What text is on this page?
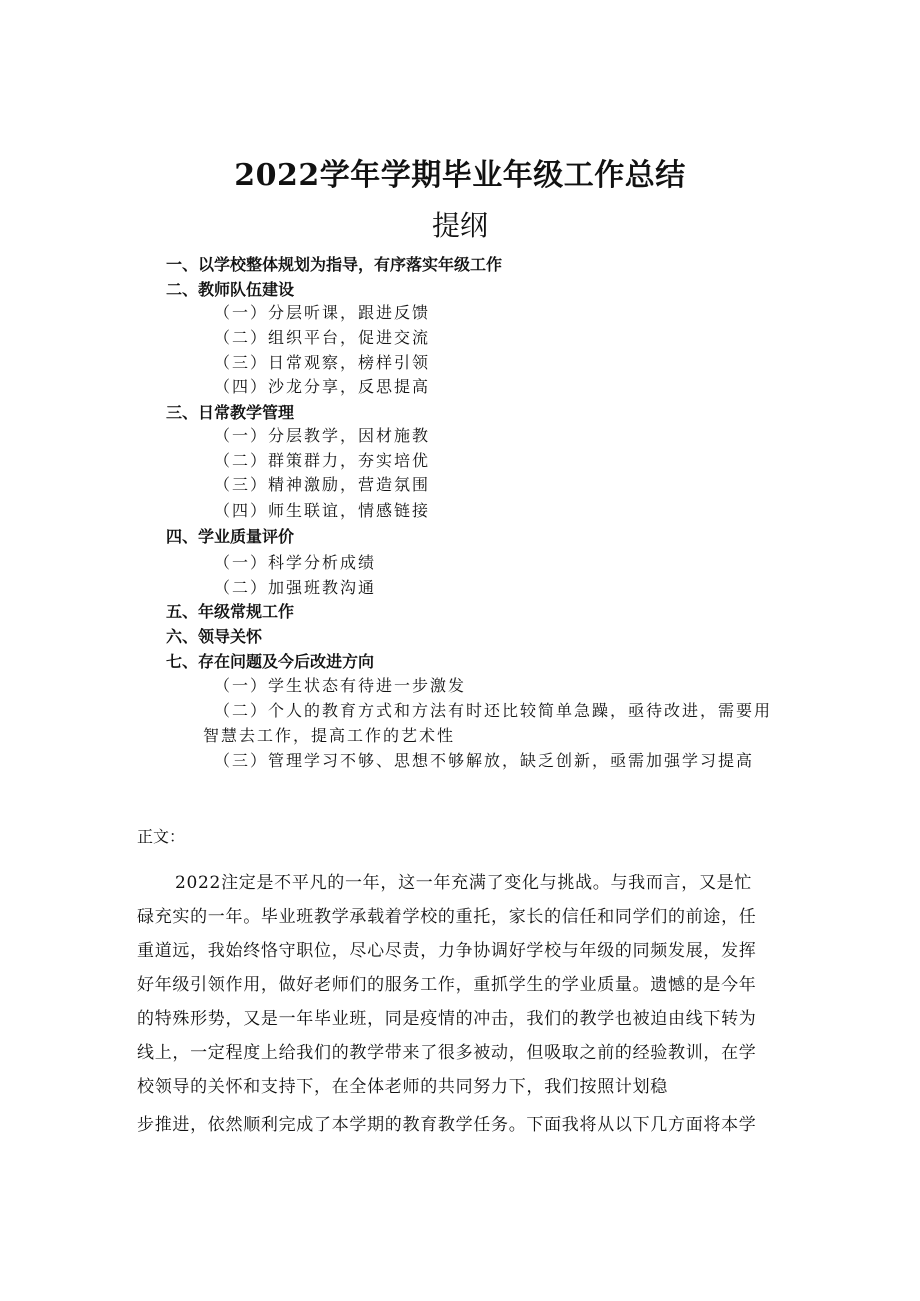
2022学年学期毕业年级工作总结
提纲
一、以学校整体规划为指导，有序落实年级工作
二、教师队伍建设
（一）分层听课，跟进反馈
（二）组织平台，促进交流
（三）日常观察，榜样引领
（四）沙龙分享，反思提高
三、日常教学管理
（一）分层教学，因材施教
（二）群策群力，夯实培优
（三）精神激励，营造氛围
（四）师生联谊，情感链接
四、学业质量评价
（一）科学分析成绩
（二）加强班教沟通
五、年级常规工作
六、领导关怀
七、存在问题及今后改进方向
（一）学生状态有待进一步激发
（二）个人的教育方式和方法有时还比较简单急躁，亟待改进，需要用
智慧去工作，提高工作的艺术性
（三）管理学习不够、思想不够解放，缺乏创新，亟需加强学习提高
正文：
2022注定是不平凡的一年，这一年充满了变化与挑战。与我而言，又是忙
碌充实的一年。毕业班教学承载着学校的重托，家长的信任和同学们的前途，任
重道远，我始终恪守职位，尽心尽责，力争协调好学校与年级的同频发展，发挥
好年级引领作用，做好老师们的服务工作，重抓学生的学业质量。遗憾的是今年
的特殊形势，又是一年毕业班，同是疫情的冲击，我们的教学也被迫由线下转为
线上，一定程度上给我们的教学带来了很多被动，但吸取之前的经验教训，在学
校领导的关怀和支持下，在全体老师的共同努力下，我们按照计划稳
步推进，依然顺利完成了本学期的教育教学任务。下面我将从以下几方面将本学
